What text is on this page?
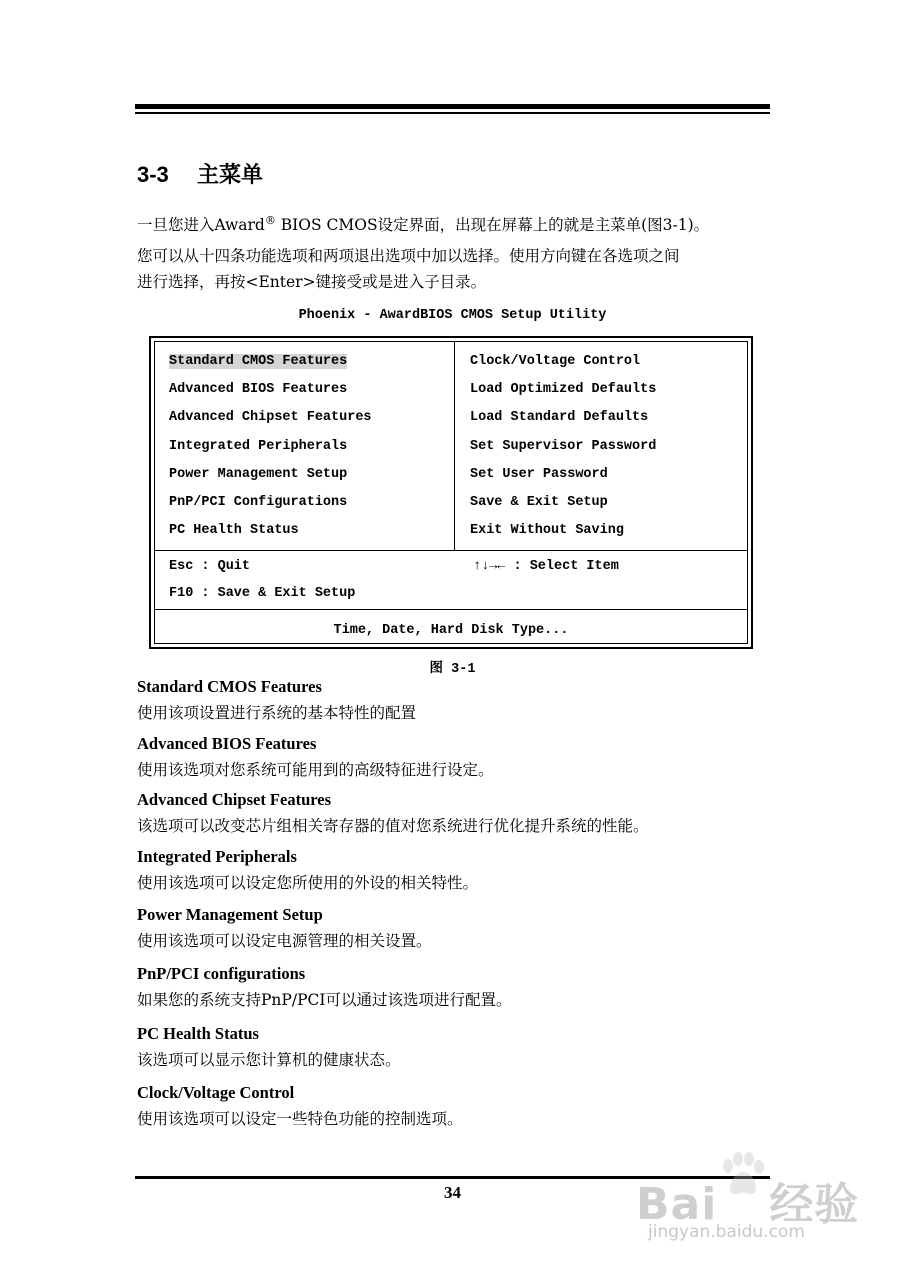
3-3 主菜单
一旦您进入Award® BIOS CMOS设定界面，出现在屏幕上的就是主菜单(图3-1)。
您可以从十四条功能选项和两项退出选项中加以选择。使用方向键在各选项之间
进行选择，再按<Enter>键接受或是进入子目录。
Phoenix - AwardBIOS CMOS Setup Utility
Standard CMOS Features
Advanced BIOS Features
Advanced Chipset Features
Integrated Peripherals
Power Management Setup
PnP/PCI Configurations
PC Health Status
Clock/Voltage Control
Load Optimized Defaults
Load Standard Defaults
Set Supervisor Password
Set User Password
Save & Exit Setup
Exit Without Saving
Esc : Quit
F10 : Save & Exit Setup
↑↓→← : Select Item
Time, Date, Hard Disk Type...
图 3-1
Standard CMOS Features
使用该项设置进行系统的基本特性的配置
Advanced BIOS Features
使用该选项对您系统可能用到的高级特征进行设定。
Advanced Chipset Features
该选项可以改变芯片组相关寄存器的值对您系统进行优化提升系统的性能。
Integrated Peripherals
使用该选项可以设定您所使用的外设的相关特性。
Power Management Setup
使用该选项可以设定电源管理的相关设置。
PnP/PCI configurations
如果您的系统支持PnP/PCI可以通过该选项进行配置。
PC Health Status
该选项可以显示您计算机的健康状态。
Clock/Voltage Control
使用该选项可以设定一些特色功能的控制选项。
34	Bai 经验
jingyan.baidu.com
